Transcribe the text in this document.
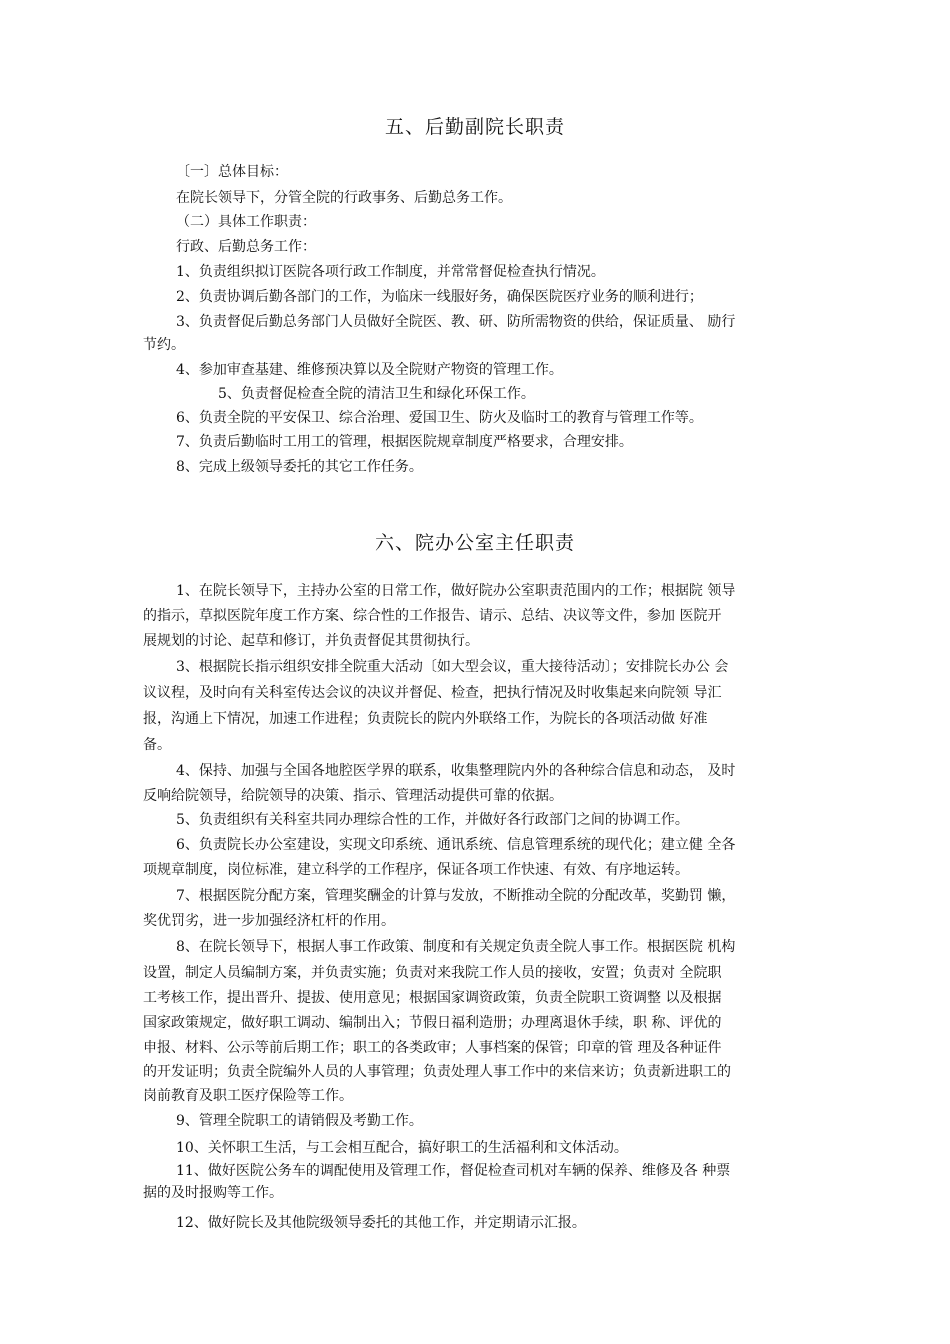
五、后勤副院长职责
〔一〕总体目标：
在院长领导下，分管全院的行政事务、后勤总务工作。
（二）具体工作职责：
行政、后勤总务工作：
1、负责组织拟订医院各项行政工作制度，并常常督促检查执行情况。
2、负责协调后勤各部门的工作，为临床一线服好务，确保医院医疗业务的顺利进行；
3、负责督促后勤总务部门人员做好全院医、教、研、防所需物资的供给，保证质量、 励行
节约。
4、参加审查基建、维修预决算以及全院财产物资的管理工作。
5、负责督促检查全院的清洁卫生和绿化环保工作。
6、负责全院的平安保卫、综合治理、爱国卫生、防火及临时工的教育与管理工作等。
7、负责后勤临时工用工的管理，根据医院规章制度严格要求，合理安排。
8、完成上级领导委托的其它工作任务。
六、院办公室主任职责
1、在院长领导下，主持办公室的日常工作，做好院办公室职责范围内的工作；根据院 领导
的指示，草拟医院年度工作方案、综合性的工作报告、请示、总结、决议等文件，参加 医院开
展规划的讨论、起草和修订，并负责督促其贯彻执行。
3、根据院长指示组织安排全院重大活动〔如大型会议，重大接待活动〕；安排院长办公 会
议议程，及时向有关科室传达会议的决议并督促、检查，把执行情况及时收集起来向院领 导汇
报，沟通上下情况，加速工作进程；负责院长的院内外联络工作，为院长的各项活动做 好准
备。
4、保持、加强与全国各地腔医学界的联系，收集整理院内外的各种综合信息和动态， 及时
反响给院领导，给院领导的决策、指示、管理活动提供可靠的依据。
5、负责组织有关科室共同办理综合性的工作，并做好各行政部门之间的协调工作。
6、负责院长办公室建设，实现文印系统、通讯系统、信息管理系统的现代化；建立健 全各
项规章制度，岗位标准，建立科学的工作程序，保证各项工作快速、有效、有序地运转。
7、根据医院分配方案，管理奖酬金的计算与发放，不断推动全院的分配改革，奖勤罚 懒，
奖优罚劣，进一步加强经济杠杆的作用。
8、在院长领导下，根据人事工作政策、制度和有关规定负责全院人事工作。根据医院 机构
设置，制定人员编制方案，并负责实施；负责对来我院工作人员的接收，安置；负责对 全院职
工考核工作，提出晋升、提拔、使用意见；根据国家调资政策，负责全院职工资调整 以及根据
国家政策规定，做好职工调动、编制出入；节假日福利造册；办理离退休手续，职 称、评优的
申报、材料、公示等前后期工作；职工的各类政审；人事档案的保管；印章的管 理及各种证件
的开发证明；负责全院编外人员的人事管理；负责处理人事工作中的来信来访；负责新进职工的
岗前教育及职工医疗保险等工作。
9、管理全院职工的请销假及考勤工作。
10、关怀职工生活，与工会相互配合，搞好职工的生活福利和文体活动。
11、做好医院公务车的调配使用及管理工作，督促检查司机对车辆的保养、维修及各 种票
据的及时报购等工作。
12、做好院长及其他院级领导委托的其他工作，并定期请示汇报。
